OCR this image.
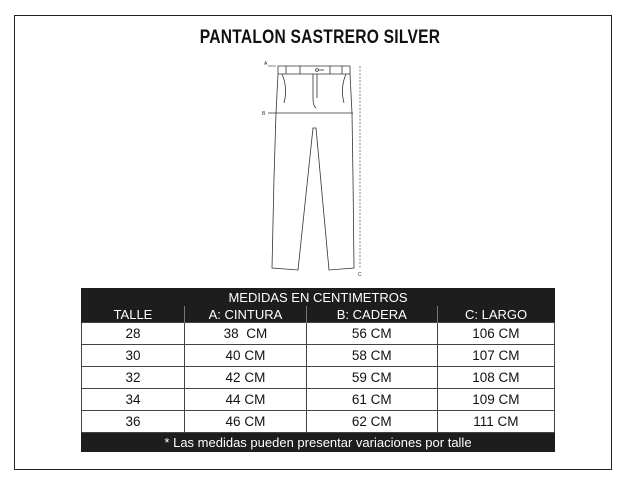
PANTALON SASTRERO SILVER
A
B
C
MEDIDAS EN CENTIMETROS			
TALLE	A: CINTURA	B: CADERA	C: LARGO
28	38  CM	56 CM	106 CM
30	40 CM	58 CM	107 CM
32	42 CM	59 CM	108 CM
34	44 CM	61 CM	109 CM
36	46 CM	62 CM	111 CM
* Las medidas pueden presentar variaciones por talle			
